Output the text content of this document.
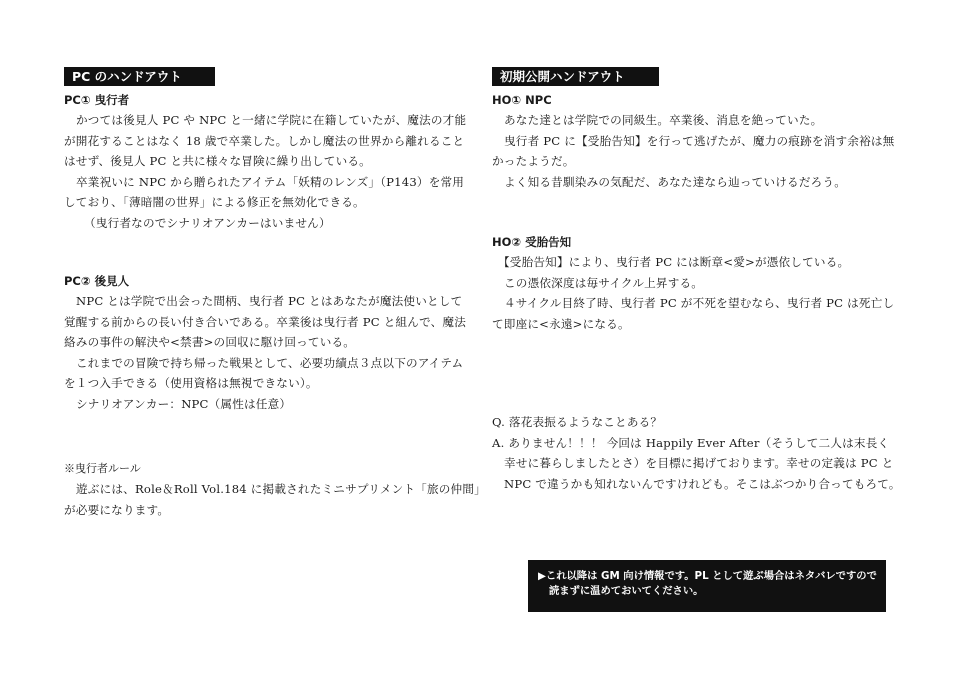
PC のハンドアウト
PC① 曳行者

かつては後見人 PC や NPC と一緒に学院に在籍していたが、魔法の才能

が開花することはなく 18 歳で卒業した。しかし魔法の世界から離れること

はせず、後見人 PC と共に様々な冒険に繰り出している。

卒業祝いに NPC から贈られたアイテム「妖精のレンズ」（P143）を常用

しており、「薄暗闇の世界」による修正を無効化できる。

（曳行者なのでシナリオアンカーはいません）

PC② 後見人

NPC とは学院で出会った間柄、曳行者 PC とはあなたが魔法使いとして

覚醒する前からの長い付き合いである。卒業後は曳行者 PC と組んで、魔法

絡みの事件の解決や<禁書>の回収に駆け回っている。

これまでの冒険で持ち帰った戦果として、必要功績点３点以下のアイテム

を１つ入手できる（使用資格は無視できない）。

シナリオアンカー：NPC（属性は任意）

※曳行者ルール

遊ぶには、Role＆Roll Vol.184 に掲載されたミニサプリメント「旅の仲間」

が必要になります。

初期公開ハンドアウト
HO① NPC

あなた達とは学院での同級生。卒業後、消息を絶っていた。

曳行者 PC に【受胎告知】を行って逃げたが、魔力の痕跡を消す余裕は無

かったようだ。

よく知る昔馴染みの気配だ、あなた達なら辿っていけるだろう。

HO② 受胎告知

【受胎告知】により、曳行者 PC には断章<愛>が憑依している。

この憑依深度は毎サイクル上昇する。

４サイクル目終了時、曳行者 PC が不死を望むなら、曳行者 PC は死亡し

て即座に<永遠>になる。

Q. 落花表振るようなことある？

A. ありません！！！ 今回は Happily Ever After（そうして二人は末長く

幸せに暮らしましたとさ）を目標に掲げております。幸せの定義は PC と

NPC で違うかも知れないんですけれども。そこはぶつかり合ってもろて。

▶これ以降は GM 向け情報です。PL として遊ぶ場合はネタバレですので
読まずに温めておいてください。
